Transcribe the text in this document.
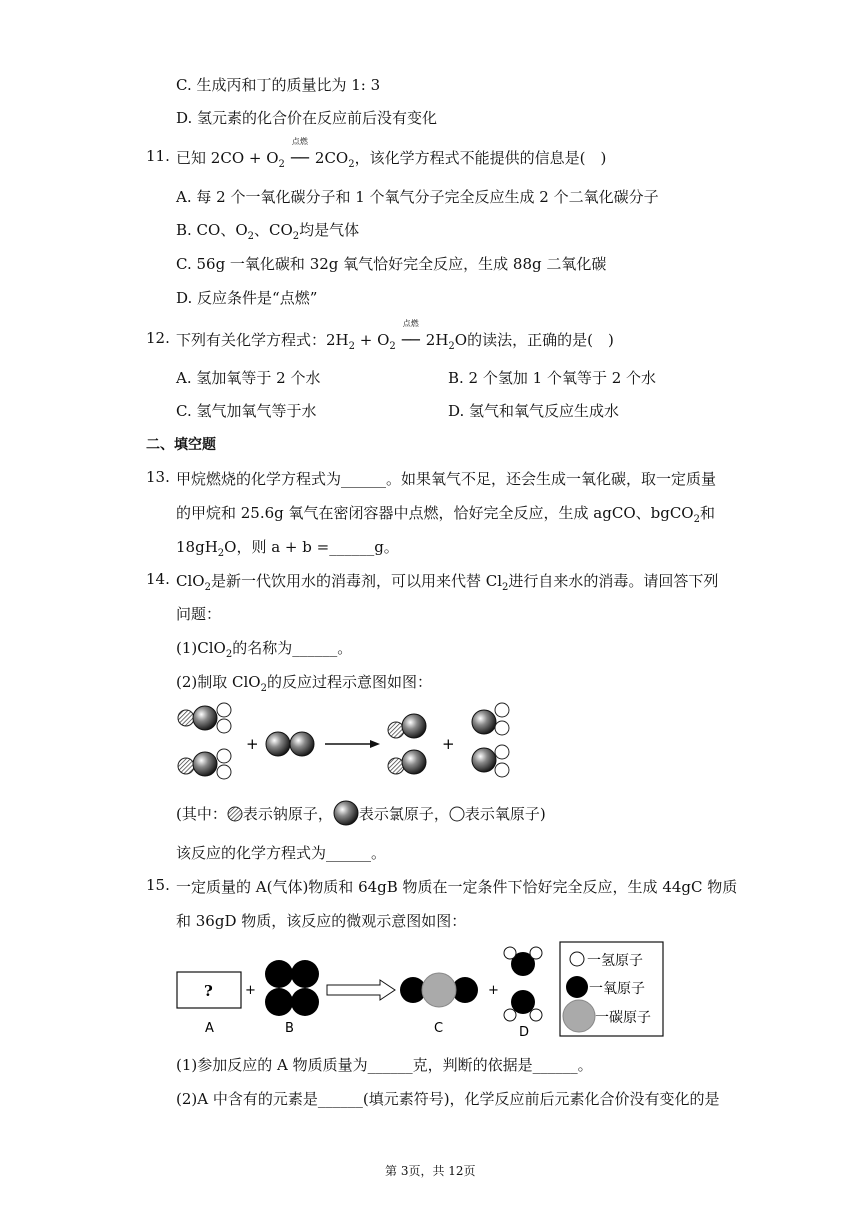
C. 生成丙和丁的质量比为 1: 3
D. 氢元素的化合价在反应前后没有变化
11. 已知 $2CO + O_2$
点燃
── $2CO_2$，该化学方程式不能提供的信息是(　)
A. 每 2 个一氧化碳分子和 1 个氧气分子完全反应生成 2 个二氧化碳分子
B. CO、$O_2$、$CO_2$均是气体
C. 56g 一氧化碳和 32g 氧气恰好完全反应，生成 88g 二氧化碳
D. 反应条件是“点燃”
12. 下列有关化学方程式：$2H_2 + O_2$
点燃
── $2H_2O$的读法，正确的是(　)
A. 氢加氧等于 2 个水	B. 2 个氢加 1 个氧等于 2 个水
C. 氢气加氧气等于水	D. 氢气和氧气反应生成水
二、填空题
13. 甲烷燃烧的化学方程式为______。如果氧气不足，还会生成一氧化碳，取一定质量
的甲烷和 25.6g 氧气在密闭容器中点燃，恰好完全反应，生成 agCO、bgCO$_2$和
$18gH_2O$，则 a + b =______g。
14. ClO$_2$是新一代饮用水的消毒剂，可以用来代替 $Cl_2$进行自来水的消毒。请回答下列
问题：
(1)ClO$_2$的名称为______。
(2)制取 ClO$_2$的反应过程示意图如图：
+	+
(其中： 表示钠原子， 表示氯原子， 表示氧原子)
该反应的化学方程式为______。
15. 一定质量的 A(气体)物质和 64gB 物质在一定条件下恰好完全反应，生成 44gC 物质
和 36gD 物质，该反应的微观示意图如图：
?
A
+
B	C
+
D
一氢原子
一氧原子
一碳原子
(1)参加反应的 A 物质质量为______克，判断的依据是______。
(2)A 中含有的元素是______(填元素符号)，化学反应前后元素化合价没有变化的是
第 3页，共 12页
